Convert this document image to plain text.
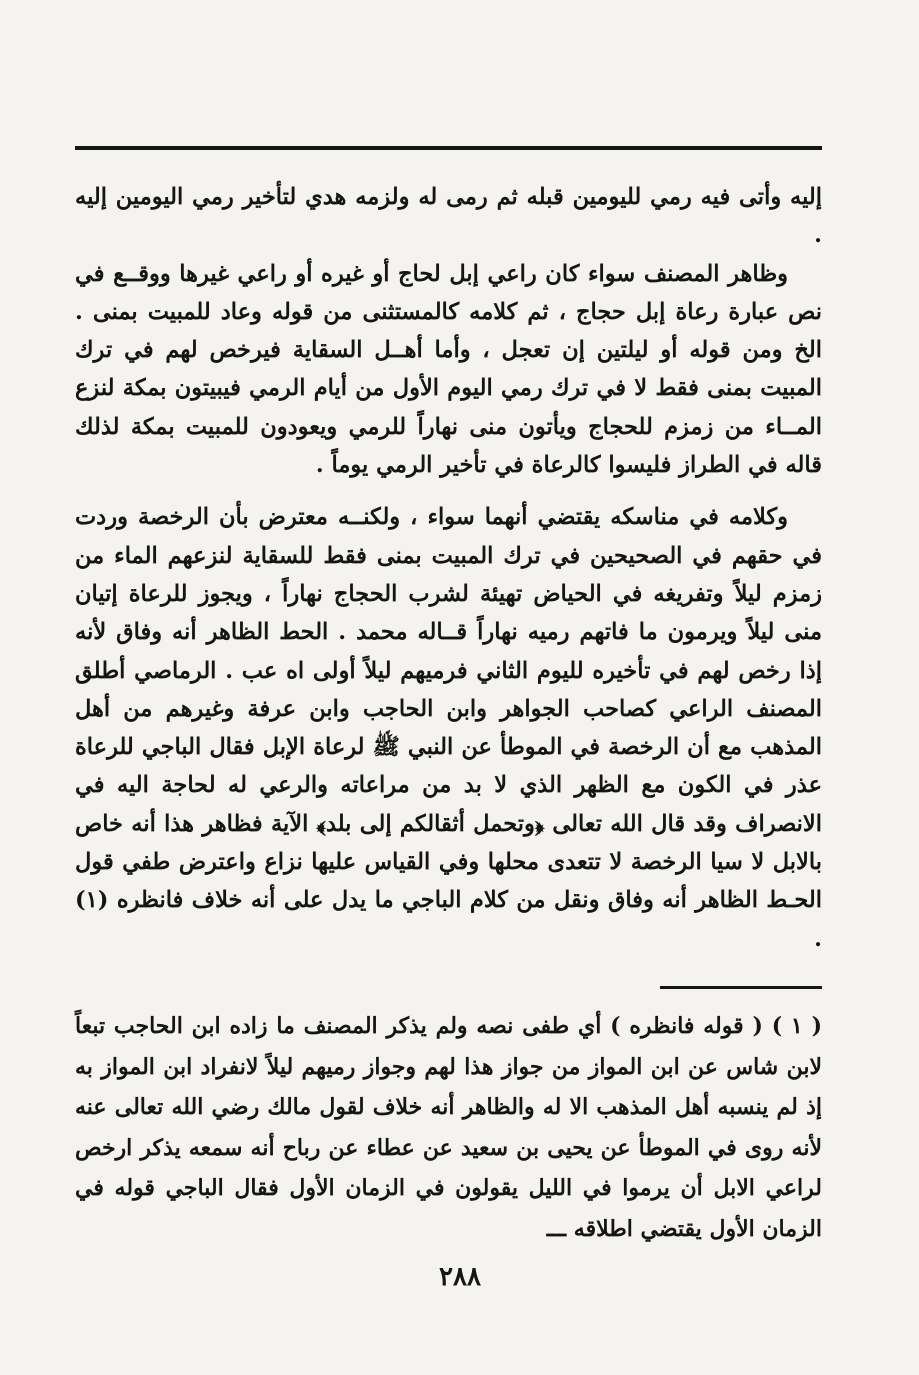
إليه وأتى فيه رمي لليومين قبله ثم رمى له ولزمه هدي لتأخير رمي اليومين إليه .

وظاهر المصنف سواء كان راعي إبل لحاج أو غيره أو راعي غيرها ووقــع في نص عبارة رعاة إبل حجاج ، ثم كلامه كالمستثنى من قوله وعاد للمبيت بمنى . الخ ومن قوله أو ليلتين إن تعجل ، وأما أهــل السقاية فيرخص لهم في ترك المبيت بمنى فقط لا في ترك رمي اليوم الأول من أيام الرمي فيبيتون بمكة لنزع المــاء من زمزم للحجاج ويأتون منى نهاراً للرمي ويعودون للمبيت بمكة لذلك قاله في الطراز فليسوا كالرعاة في تأخير الرمي يوماً .

وكلامه في مناسكه يقتضي أنهما سواء ، ولكنــه معترض بأن الرخصة وردت في حقهم في الصحيحين في ترك المبيت بمنى فقط للسقاية لنزعهم الماء من زمزم ليلاً وتفريغه في الحياض تهيئة لشرب الحجاج نهاراً ، ويجوز للرعاة إتيان منى ليلاً ويرمون ما فاتهم رميه نهاراً قــاله محمد . الحط الظاهر أنه وفاق لأنه إذا رخص لهم في تأخيره لليوم الثاني فرميهم ليلاً أولى اه عب . الرماصي أطلق المصنف الراعي كصاحب الجواهر وابن الحاجب وابن عرفة وغيرهم من أهل المذهب مع أن الرخصة في الموطأ عن النبي ﷺ لرعاة الإبل فقال الباجي للرعاة عذر في الكون مع الظهر الذي لا بد من مراعاته والرعي له لحاجة اليه في الانصراف وقد قال الله تعالى ﴿وتحمل أثقالكم إلى بلد﴾ الآية فظاهر هذا أنه خاص بالابل لا سيا الرخصة لا تتعدى محلها وفي القياس عليها نزاع واعترض طفي قول الحـط الظاهر أنه وفاق ونقل من كلام الباجي ما يدل على أنه خلاف فانظره (١) .

( ١ ) ( قوله فانظره ) أي طفى نصه ولم يذكر المصنف ما زاده ابن الحاجب تبعاً لابن شاس عن ابن المواز من جواز هذا لهم وجواز رميهم ليلاً لانفراد ابن المواز به إذ لم ينسبه أهل المذهب الا له والظاهر أنه خلاف لقول مالك رضي الله تعالى عنه لأنه روى في الموطأ عن يحيى بن سعيد عن عطاء عن رباح أنه سمعه يذكر ارخص لراعي الابل أن يرموا في الليل يقولون في الزمان الأول فقال الباجي قوله في الزمان الأول يقتضي اطلاقه ـــ

٢٨٨
